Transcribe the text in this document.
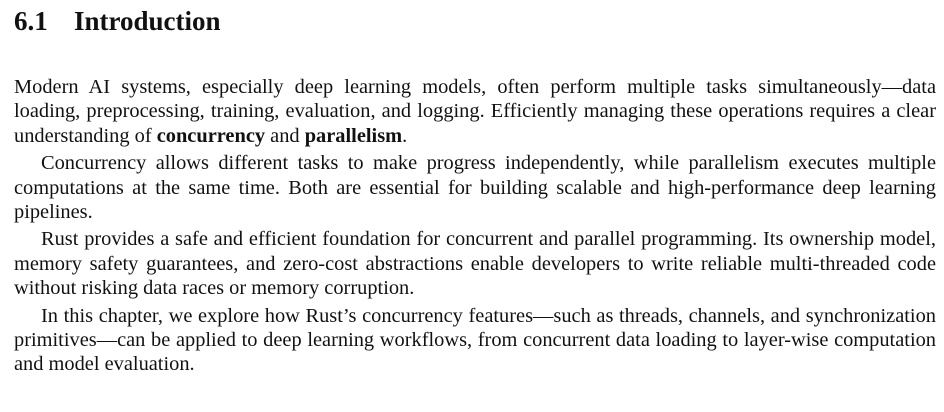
6.1 Introduction

Modern AI systems, especially deep learning models, often perform multiple tasks simultaneously—data loading, preprocessing, training, evaluation, and logging. Efficiently managing these operations requires a clear understanding of concurrency and parallelism.

Concurrency allows different tasks to make progress independently, while parallelism executes multiple computations at the same time. Both are essential for building scalable and high-performance deep learning pipelines.

Rust provides a safe and efficient foundation for concurrent and parallel programming. Its ownership model, memory safety guarantees, and zero-cost abstractions enable developers to write reliable multi-threaded code without risking data races or memory corruption.

In this chapter, we explore how Rust’s concurrency features—such as threads, channels, and synchronization primitives—can be applied to deep learning workflows, from concurrent data loading to layer-wise computation and model evaluation.
